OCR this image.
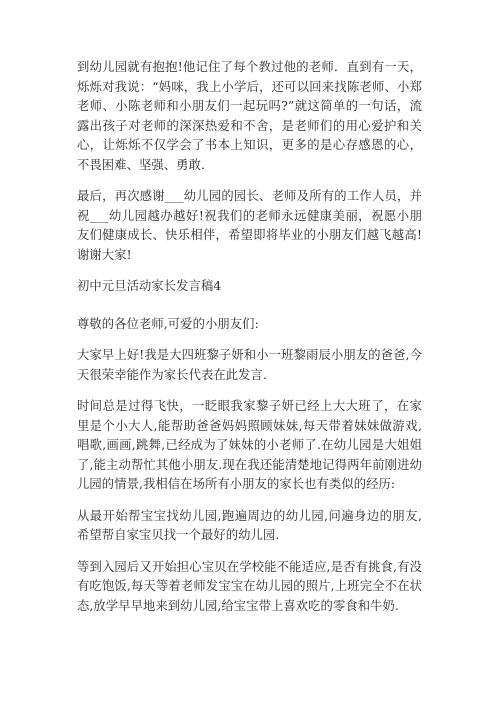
到幼儿园就有抱抱!他记住了每个教过他的老师．直到有一天，烁烁对我说：“妈咪，我上小学后，还可以回来找陈老师、小郑老师、小陈老师和小朋友们一起玩吗?”就这简单的一句话，流露出孩子对老师的深深热爱和不舍，是老师们的用心爱护和关心，让烁烁不仅学会了书本上知识，更多的是心存感恩的心，不畏困难、坚强、勇敢．

最后，再次感谢___幼儿园的园长、老师及所有的工作人员，并祝___幼儿园越办越好!祝我们的老师永远健康美丽，祝愿小朋友们健康成长、快乐相伴，希望即将毕业的小朋友们越飞越高!谢谢大家!

初中元旦活动家长发言稿4

尊敬的各位老师,可爱的小朋友们:

大家早上好!我是大四班黎子妍和小一班黎雨辰小朋友的爸爸,今天很荣幸能作为家长代表在此发言.

时间总是过得飞快，一眨眼我家黎子妍已经上大大班了，在家里是个小大人,能帮助爸爸妈妈照顾妹妹,每天带着妹妹做游戏,唱歌,画画,跳舞,已经成为了妹妹的小老师了.在幼儿园是大姐姐了,能主动帮忙其他小朋友.现在我还能清楚地记得两年前刚进幼儿园的情景,我相信在场所有小朋友的家长也有类似的经历:

从最开始帮宝宝找幼儿园,跑遍周边的幼儿园,问遍身边的朋友,希望帮自家宝贝找一个最好的幼儿园.

等到入园后又开始担心宝贝在学校能不能适应,是否有挑食,有没有吃饱饭,每天等着老师发宝宝在幼儿园的照片,上班完全不在状态,放学早早地来到幼儿园,给宝宝带上喜欢吃的零食和牛奶.
